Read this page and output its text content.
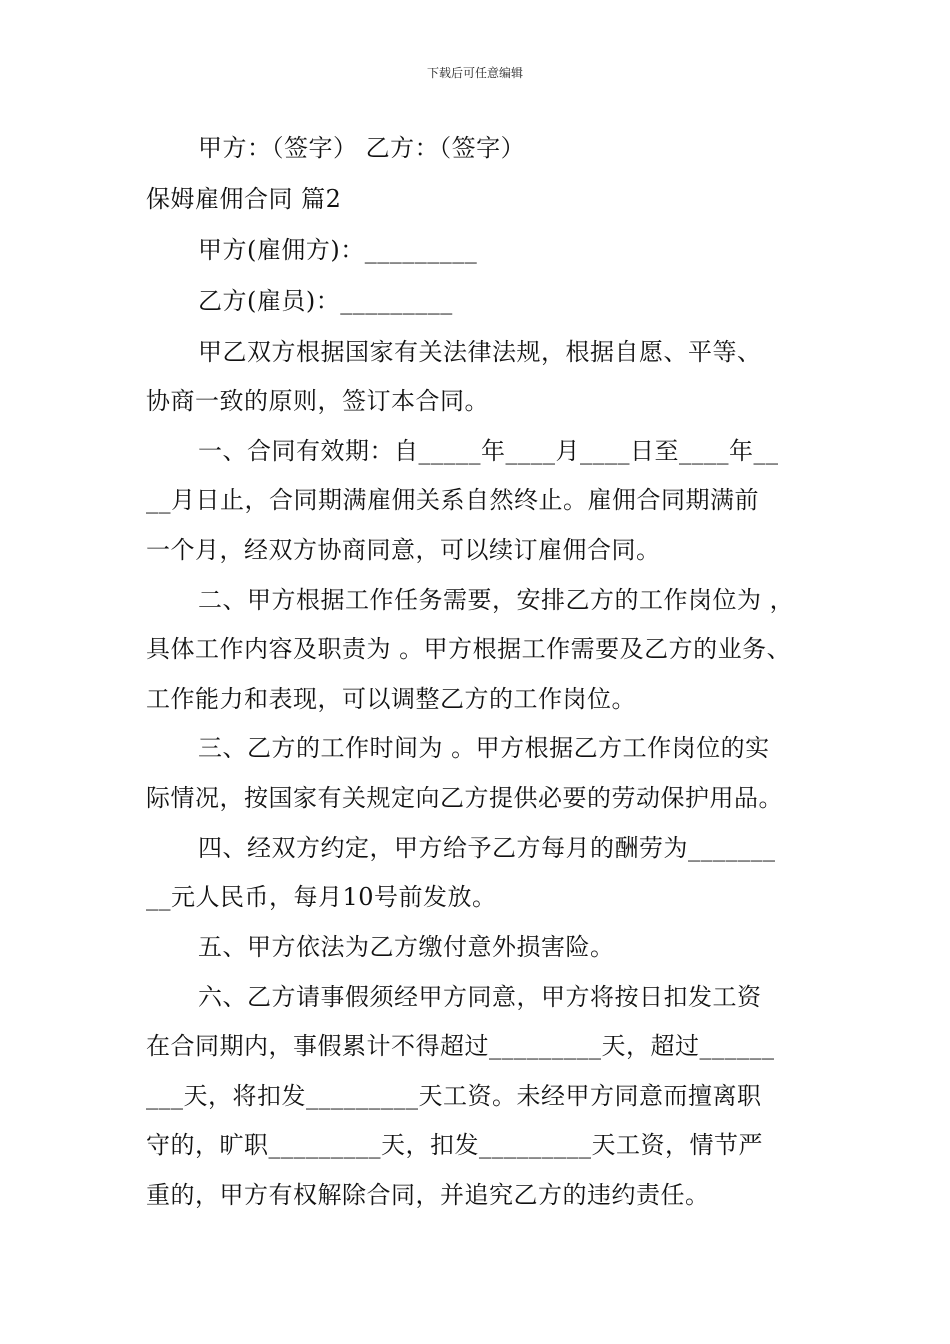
下载后可任意编辑

甲方：（签字） 乙方：（签字）

保姆雇佣合同 篇2

甲方(雇佣方)：_________

乙方(雇员)：_________

甲乙双方根据国家有关法律法规，根据自愿、平等、

协商一致的原则，签订本合同。

一、合同有效期：自_____年____月____日至____年__

__月日止，合同期满雇佣关系自然终止。雇佣合同期满前

一个月，经双方协商同意，可以续订雇佣合同。

二、甲方根据工作任务需要，安排乙方的工作岗位为 ，

具体工作内容及职责为 。甲方根据工作需要及乙方的业务、

工作能力和表现，可以调整乙方的工作岗位。

三、乙方的工作时间为 。甲方根据乙方工作岗位的实

际情况，按国家有关规定向乙方提供必要的劳动保护用品。

四、经双方约定，甲方给予乙方每月的酬劳为_______

__元人民币，每月10号前发放。

五、甲方依法为乙方缴付意外损害险。

六、乙方请事假须经甲方同意，甲方将按日扣发工资

在合同期内，事假累计不得超过_________天，超过______

___天，将扣发_________天工资。未经甲方同意而擅离职

守的，旷职_________天，扣发_________天工资，情节严

重的，甲方有权解除合同，并追究乙方的违约责任。
